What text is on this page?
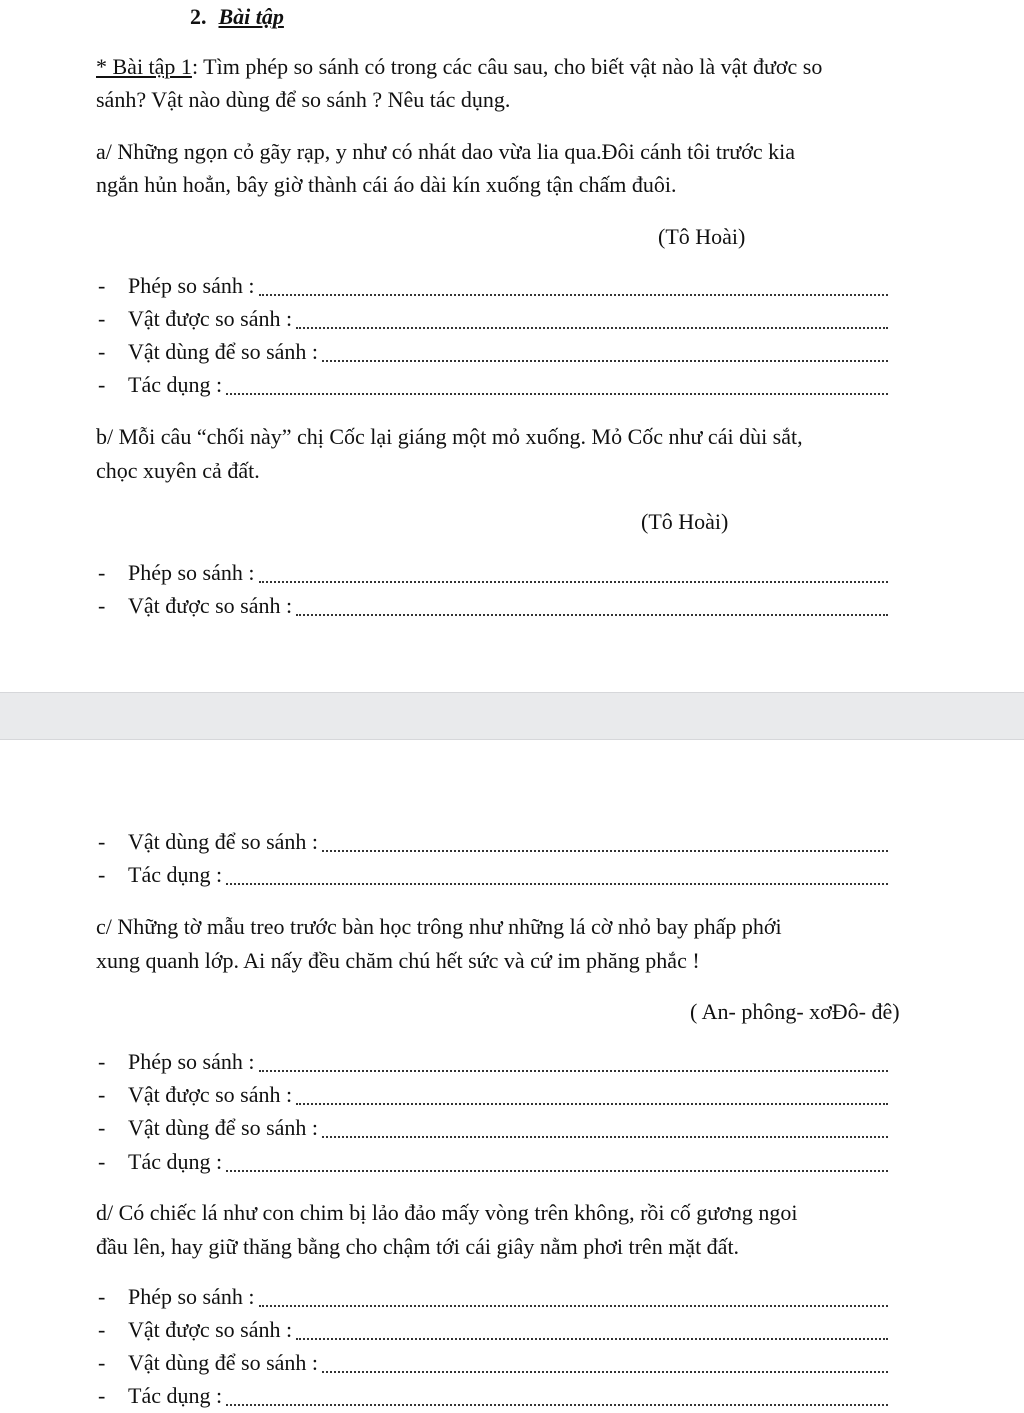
2. Bài tập
* Bài tập 1: Tìm phép so sánh có trong các câu sau, cho biết vật nào là vật đươc so
sánh? Vật nào dùng để so sánh ? Nêu tác dụng.
a/ Những ngọn cỏ gãy rạp, y như có nhát dao vừa lia qua.Đôi cánh tôi trước kia
ngắn hủn hoẳn, bây giờ thành cái áo dài kín xuống tận chấm đuôi.
(Tô Hoài)
-	Phép so sánh :
-	Vật được so sánh :
-	Vật dùng để so sánh :
-	Tác dụng :
b/ Mỗi câu “chối này” chị Cốc lại giáng một mỏ xuống. Mỏ Cốc như cái dùi sắt,
chọc xuyên cả đất.
(Tô Hoài)
-	Phép so sánh :
-	Vật được so sánh :
-	Vật dùng để so sánh :
-	Tác dụng :
c/ Những tờ mẫu treo trước bàn học trông như những lá cờ nhỏ bay phấp phới
xung quanh lớp. Ai nấy đều chăm chú hết sức và cứ im phăng phắc !
( An- phông- xơĐô- đê)
-	Phép so sánh :
-	Vật được so sánh :
-	Vật dùng để so sánh :
-	Tác dụng :
d/ Có chiếc lá như con chim bị lảo đảo mấy vòng trên không, rồi cố gương ngoi
đầu lên, hay giữ thăng bằng cho chậm tới cái giây nằm phơi trên mặt đất.
-	Phép so sánh :
-	Vật được so sánh :
-	Vật dùng để so sánh :
-	Tác dụng :
